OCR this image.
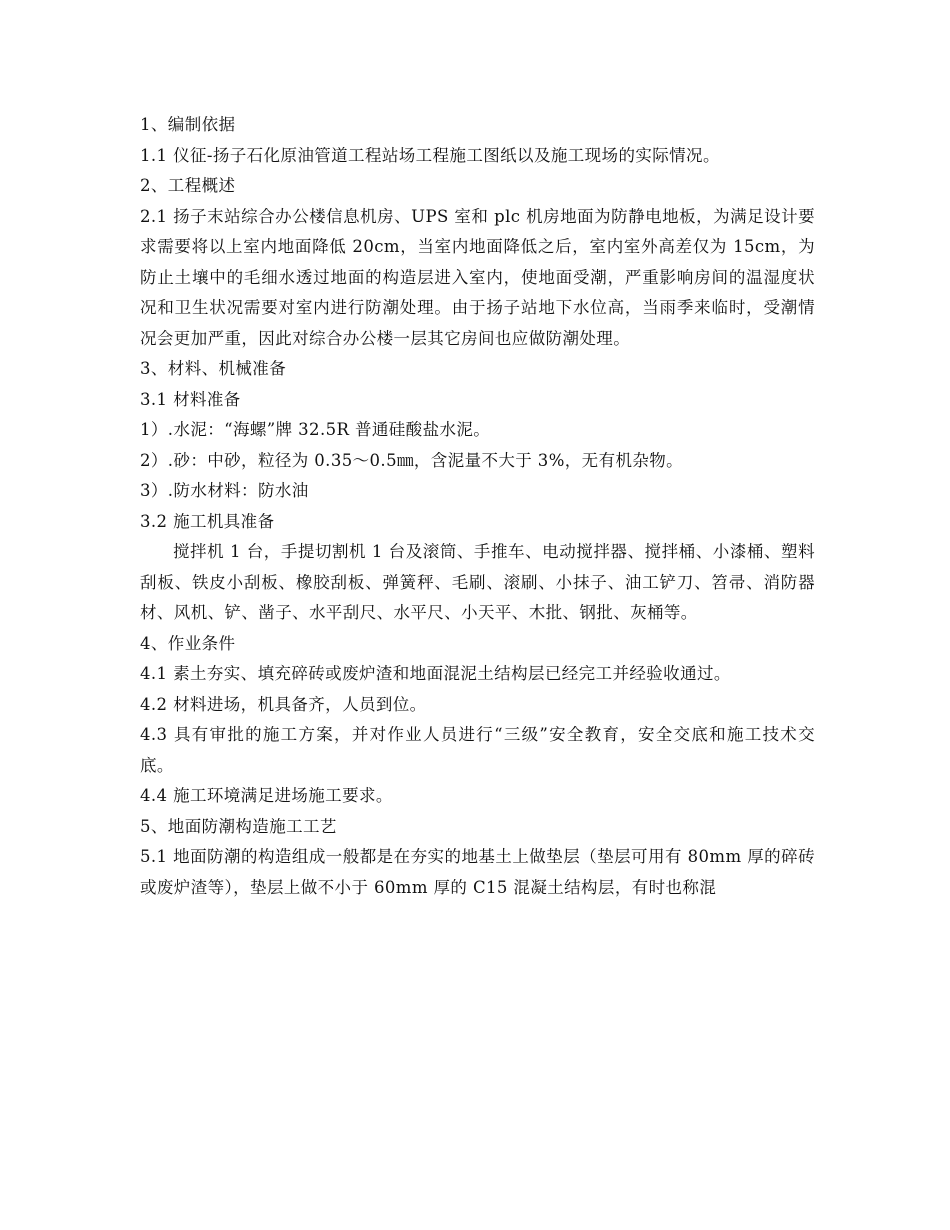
1、编制依据

1.1 仪征-扬子石化原油管道工程站场工程施工图纸以及施工现场的实际情况。

2、工程概述

2.1 扬子末站综合办公楼信息机房、UPS 室和 plc 机房地面为防静电地板，为满足设计要求需要将以上室内地面降低 20cm，当室内地面降低之后，室内室外高差仅为 15cm，为防止土壤中的毛细水透过地面的构造层进入室内，使地面受潮，严重影响房间的温湿度状况和卫生状况需要对室内进行防潮处理。由于扬子站地下水位高，当雨季来临时，受潮情况会更加严重，因此对综合办公楼一层其它房间也应做防潮处理。

3、材料、机械准备

3.1 材料准备

1）.水泥：“海螺”牌 32.5R 普通硅酸盐水泥。

2）.砂：中砂，粒径为 0.35～0.5㎜，含泥量不大于 3%，无有机杂物。

3）.防水材料：防水油

3.2 施工机具准备

搅拌机 1 台，手提切割机 1 台及滚筒、手推车、电动搅拌器、搅拌桶、小漆桶、塑料刮板、铁皮小刮板、橡胶刮板、弹簧秤、毛刷、滚刷、小抹子、油工铲刀、笤帚、消防器材、风机、铲、凿子、水平刮尺、水平尺、小天平、木批、钢批、灰桶等。

4、作业条件

4.1 素土夯实、填充碎砖或废炉渣和地面混泥土结构层已经完工并经验收通过。

4.2 材料进场，机具备齐，人员到位。

4.3 具有审批的施工方案，并对作业人员进行“三级”安全教育，安全交底和施工技术交底。

4.4 施工环境满足进场施工要求。

5、地面防潮构造施工工艺

5.1 地面防潮的构造组成一般都是在夯实的地基土上做垫层（垫层可用有 80mm 厚的碎砖或废炉渣等），垫层上做不小于 60mm 厚的 C15 混凝土结构层，有时也称混
